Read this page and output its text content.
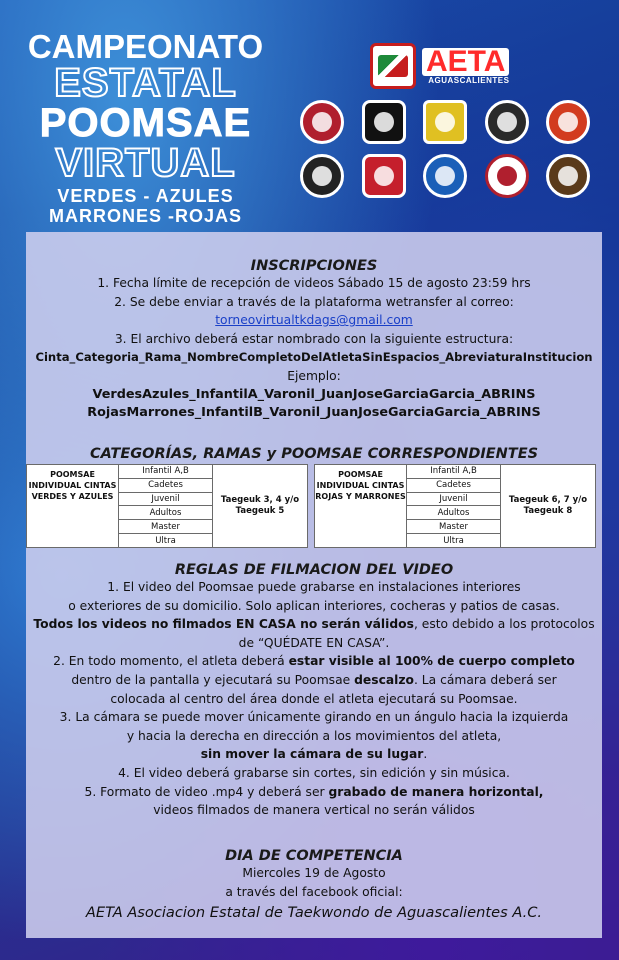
CAMPEONATO
ESTATAL
POOMSAE
VIRTUAL
VERDES - AZULES
MARRONES -ROJAS
AETA
AGUASCALIENTES
INSCRIPCIONES
1. Fecha límite de recepción de videos Sábado 15 de agosto 23:59 hrs
2. Se debe enviar a través de la plataforma wetransfer al correo:
torneovirtualtkdags@gmail.com
3. El archivo deberá estar nombrado con la siguiente estructura:
Cinta_Categoria_Rama_NombreCompletoDelAtletaSinEspacios_AbreviaturaInstitucion
Ejemplo:
VerdesAzules_InfantilA_Varonil_JuanJoseGarciaGarcia_ABRINS
RojasMarrones_InfantilB_Varonil_JuanJoseGarciaGarcia_ABRINS
CATEGORÍAS, RAMAS y POOMSAE CORRESPONDIENTES
POOMSAE INDIVIDUAL CINTAS VERDES Y AZULES
Infantil A,B
Cadetes
Juvenil
Adultos
Master
Ultra
Taegeuk 3, 4 y/o Taegeuk 5
POOMSAE INDIVIDUAL CINTAS ROJAS Y MARRONES
Infantil A,B
Cadetes
Juvenil
Adultos
Master
Ultra
Taegeuk 6, 7 y/o Taegeuk 8
REGLAS DE FILMACION DEL VIDEO
1. El video del Poomsae puede grabarse en instalaciones interiores
o exteriores de su domicilio. Solo aplican interiores, cocheras y patios de casas.
Todos los videos no filmados EN CASA no serán válidos, esto debido a los protocolos
de “QUÉDATE EN CASA”.
2. En todo momento, el atleta deberá estar visible al 100% de cuerpo completo
dentro de la pantalla y ejecutará su Poomsae descalzo. La cámara deberá ser
colocada al centro del área donde el atleta ejecutará su Poomsae.
3. La cámara se puede mover únicamente girando en un ángulo hacia la izquierda
y hacia la derecha en dirección a los movimientos del atleta,
sin mover la cámara de su lugar.
4. El video deberá grabarse sin cortes, sin edición y sin música.
5. Formato de video .mp4 y deberá ser grabado de manera horizontal,
videos filmados de manera vertical no serán válidos
DIA DE COMPETENCIA
Miercoles 19 de Agosto
a través del facebook oficial:
AETA Asociacion Estatal de Taekwondo de Aguascalientes A.C.
